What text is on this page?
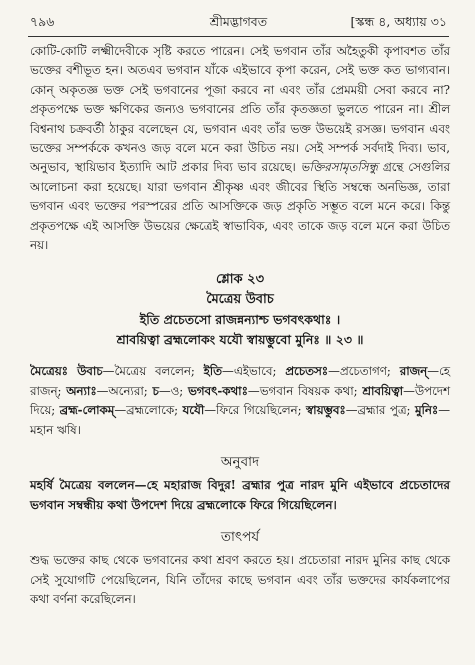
৭৯৬	শ্রীমদ্ভাগবত	[স্কন্ধ ৪, অধ্যায় ৩১

কোটি-কোটি লক্ষ্মীদেবীকে সৃষ্টি করতে পারেন। সেই ভগবান তাঁর অহৈতুকী কৃপাবশত তাঁর ভক্তের বশীভূত হন। অতএব ভগবান যাঁকে এইভাবে কৃপা করেন, সেই ভক্ত কত ভাগ্যবান। কোন্‌ অকৃতজ্ঞ ভক্ত সেই ভগবানের পূজা করবে না এবং তাঁর প্রেমময়ী সেবা করবে না? প্রকৃতপক্ষে ভক্ত ক্ষণিকের জন্যও ভগবানের প্রতি তাঁর কৃতজ্ঞতা ভুলতে পারেন না। শ্রীল বিশ্বনাথ চক্রবর্তী ঠাকুর বলেছেন যে, ভগবান এবং তাঁর ভক্ত উভয়েই রসজ্ঞ। ভগবান এবং ভক্তের সম্পর্ককে কখনও জড় বলে মনে করা উচিত নয়। সেই সম্পর্ক সর্বদাই দিব্য। ভাব, অনুভাব, স্থায়িভাব ইত্যাদি আট প্রকার দিব্য ভাব রয়েছে। ভক্তিরসামৃতসিন্ধু গ্রন্থে সেগুলির আলোচনা করা হয়েছে। যারা ভগবান শ্রীকৃষ্ণ এবং জীবের স্থিতি সম্বন্ধে অনভিজ্ঞ, তারা ভগবান এবং ভক্তের পরস্পরের প্রতি আসক্তিকে জড় প্রকৃতি সম্ভূত বলে মনে করে। কিন্তু প্রকৃতপক্ষে এই আসক্তি উভয়ের ক্ষেত্রেই স্বাভাবিক, এবং তাকে জড় বলে মনে করা উচিত নয়।

শ্লোক ২৩
মৈত্রেয় উবাচ
ইতি প্রচেতসো রাজন্নন্যাশ্চ ভগবৎকথাঃ ।
শ্রাবয়িত্বা ব্রহ্মলোকং যযৌ স্বায়ম্ভুবো মুনিঃ ॥ ২৩ ॥

মৈত্রেয়ঃ উবাচ—মৈত্রেয় বললেন; ইতি—এইভাবে; প্রচেতসঃ—প্রচেতাগণ; রাজন্—হে রাজন্; অন্যাঃ—অন্যেরা; চ—ও; ভগবৎ-কথাঃ—ভগবান বিষয়ক কথা; শ্রাবয়িত্বা—উপদেশ দিয়ে; ব্রহ্ম-লোকম্—ব্রহ্মলোকে; যযৌ—ফিরে গিয়েছিলেন; স্বায়ম্ভুবঃ—ব্রহ্মার পুত্র; মুনিঃ—মহান ঋষি।

অনুবাদ

মহর্ষি মৈত্রেয় বললেন—হে মহারাজ বিদুর! ব্রহ্মার পুত্র নারদ মুনি এইভাবে প্রচেতাদের ভগবান সম্বন্ধীয় কথা উপদেশ দিয়ে ব্রহ্মলোকে ফিরে গিয়েছিলেন।

তাৎপর্য

শুদ্ধ ভক্তের কাছ থেকে ভগবানের কথা শ্রবণ করতে হয়। প্রচেতারা নারদ মুনির কাছ থেকে সেই সুযোগটি পেয়েছিলেন, যিনি তাঁদের কাছে ভগবান এবং তাঁর ভক্তদের কার্যকলাপের কথা বর্ণনা করেছিলেন।
